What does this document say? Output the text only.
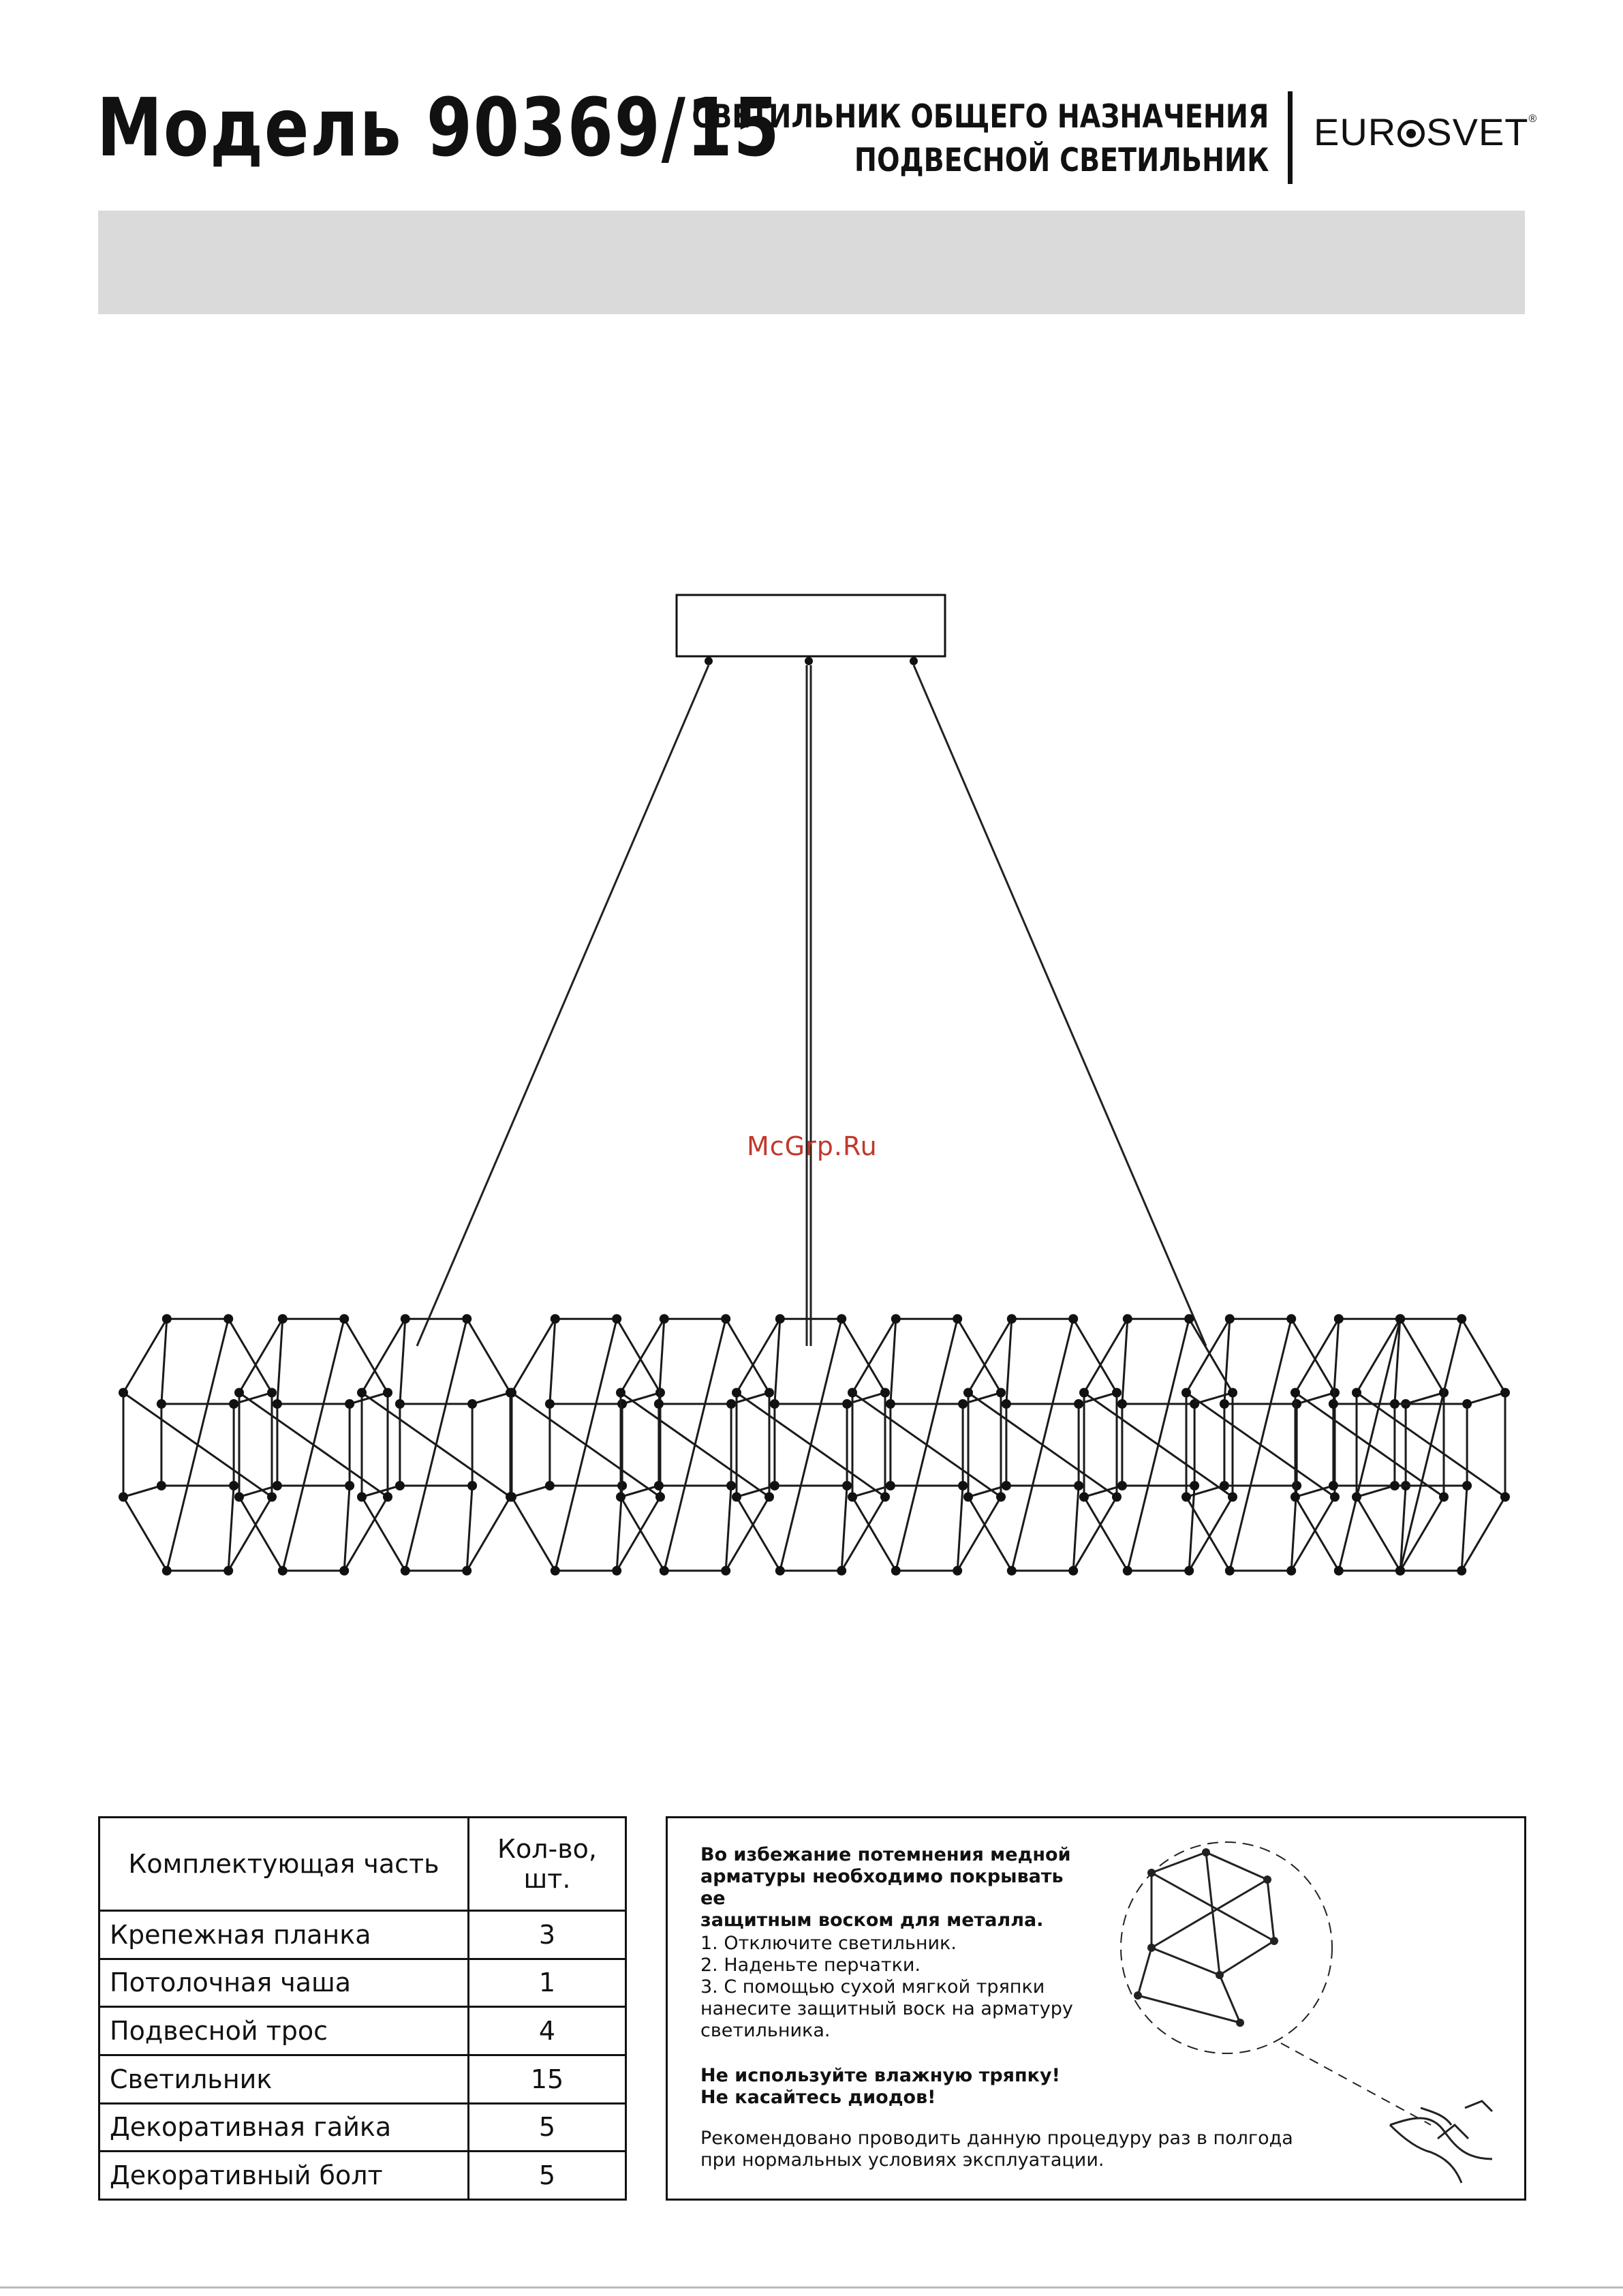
Модель 90369/15
СВЕТИЛЬНИК ОБЩЕГО НАЗНАЧЕНИЯ
ПОДВЕСНОЙ СВЕТИЛЬНИК
EUR SVET®
McGrp.Ru
Комплектующая часть	Кол-во, шт.
Крепежная планка	3
Потолочная чаша	1
Подвесной трос	4
Светильник	15
Декоративная гайка	5
Декоративный болт	5
Во избежание потемнения медной
арматуры необходимо покрывать ее
защитным воском для металла.
1. Отключите светильник.
2. Наденьте перчатки.
3. С помощью сухой мягкой тряпки
нанесите защитный воск на арматуру
светильника.
Не используйте влажную тряпку!
Не касайтесь диодов!
Рекомендовано проводить данную процедуру раз в полгода
при нормальных условиях эксплуатации.
